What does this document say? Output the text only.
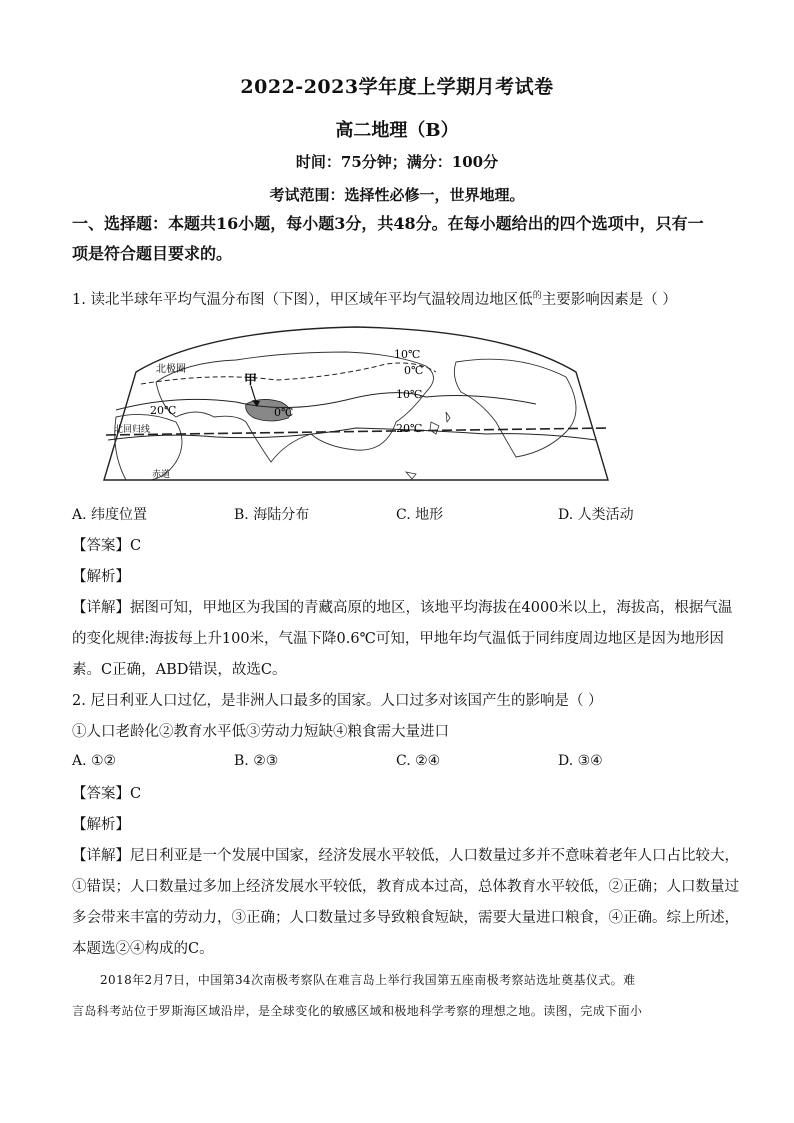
2022-2023学年度上学期月考试卷
高二地理（B）
时间：75分钟；满分：100分
考试范围：选择性必修一，世界地理。
一、选择题：本题共16小题，每小题3分，共48分。在每小题给出的四个选项中，只有一
项是符合题目要求的。
1. 读北半球年平均气温分布图（下图），甲区域年平均气温较周边地区低$^的$主要影响因素是（ ）
北极圈
甲
10℃
0℃
0℃
10℃
20℃
20℃
北回归线
赤道
A. 纬度位置	B. 海陆分布	C. 地形	D. 人类活动
【答案】C
【解析】
【详解】据图可知，甲地区为我国的青藏高原的地区，该地平均海拔在4000米以上，海拔高，根据气温
的变化规律:海拔每上升100米，气温下降0.6℃可知，甲地年均气温低于同纬度周边地区是因为地形因
素。C正确，ABD错误，故选C。
2. 尼日利亚人口过亿，是非洲人口最多的国家。人口过多对该国产生的影响是（ ）
①人口老龄化②教育水平低③劳动力短缺④粮食需大量进口
A. ①②	B. ②③	C. ②④	D. ③④
【答案】C
【解析】
【详解】尼日利亚是一个发展中国家，经济发展水平较低，人口数量过多并不意味着老年人口占比较大，
①错误；人口数量过多加上经济发展水平较低，教育成本过高，总体教育水平较低，②正确；人口数量过
多会带来丰富的劳动力，③正确；人口数量过多导致粮食短缺，需要大量进口粮食，④正确。综上所述，
本题选②④构成的C。
2018年2月7日，中国第34次南极考察队在难言岛上举行我国第五座南极考察站选址奠基仪式。难
言岛科考站位于罗斯海区域沿岸，是全球变化的敏感区域和极地科学考察的理想之地。读图，完成下面小
